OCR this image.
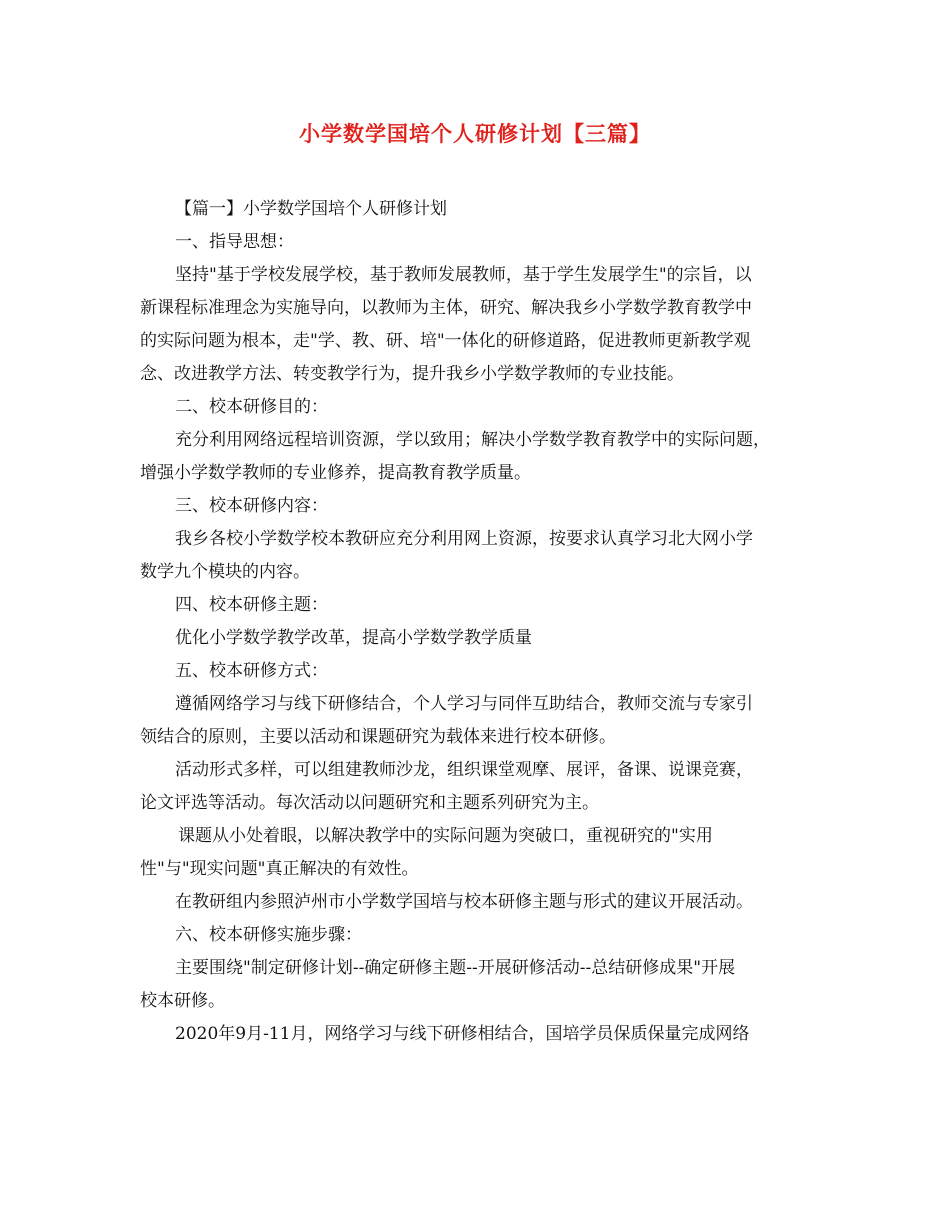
小学数学国培个人研修计划【三篇】
【篇一】小学数学国培个人研修计划
一、指导思想：
坚持"基于学校发展学校，基于教师发展教师，基于学生发展学生"的宗旨，以
新课程标准理念为实施导向，以教师为主体，研究、解决我乡小学数学教育教学中
的实际问题为根本，走"学、教、研、培"一体化的研修道路，促进教师更新教学观
念、改进教学方法、转变教学行为，提升我乡小学数学教师的专业技能。
二、校本研修目的：
充分利用网络远程培训资源，学以致用；解决小学数学教育教学中的实际问题，
增强小学数学教师的专业修养，提高教育教学质量。
三、校本研修内容：
我乡各校小学数学校本教研应充分利用网上资源，按要求认真学习北大网小学
数学九个模块的内容。
四、校本研修主题：
优化小学数学教学改革，提高小学数学教学质量
五、校本研修方式：
遵循网络学习与线下研修结合，个人学习与同伴互助结合，教师交流与专家引
领结合的原则，主要以活动和课题研究为载体来进行校本研修。
活动形式多样，可以组建教师沙龙，组织课堂观摩、展评，备课、说课竞赛，
论文评选等活动。每次活动以问题研究和主题系列研究为主。
课题从小处着眼，以解决教学中的实际问题为突破口，重视研究的"实用
性"与"现实问题"真正解决的有效性。
在教研组内参照泸州市小学数学国培与校本研修主题与形式的建议开展活动。
六、校本研修实施步骤：
主要围绕"制定研修计划--确定研修主题--开展研修活动--总结研修成果"开展
校本研修。
2020年9月-11月，网络学习与线下研修相结合，国培学员保质保量完成网络
